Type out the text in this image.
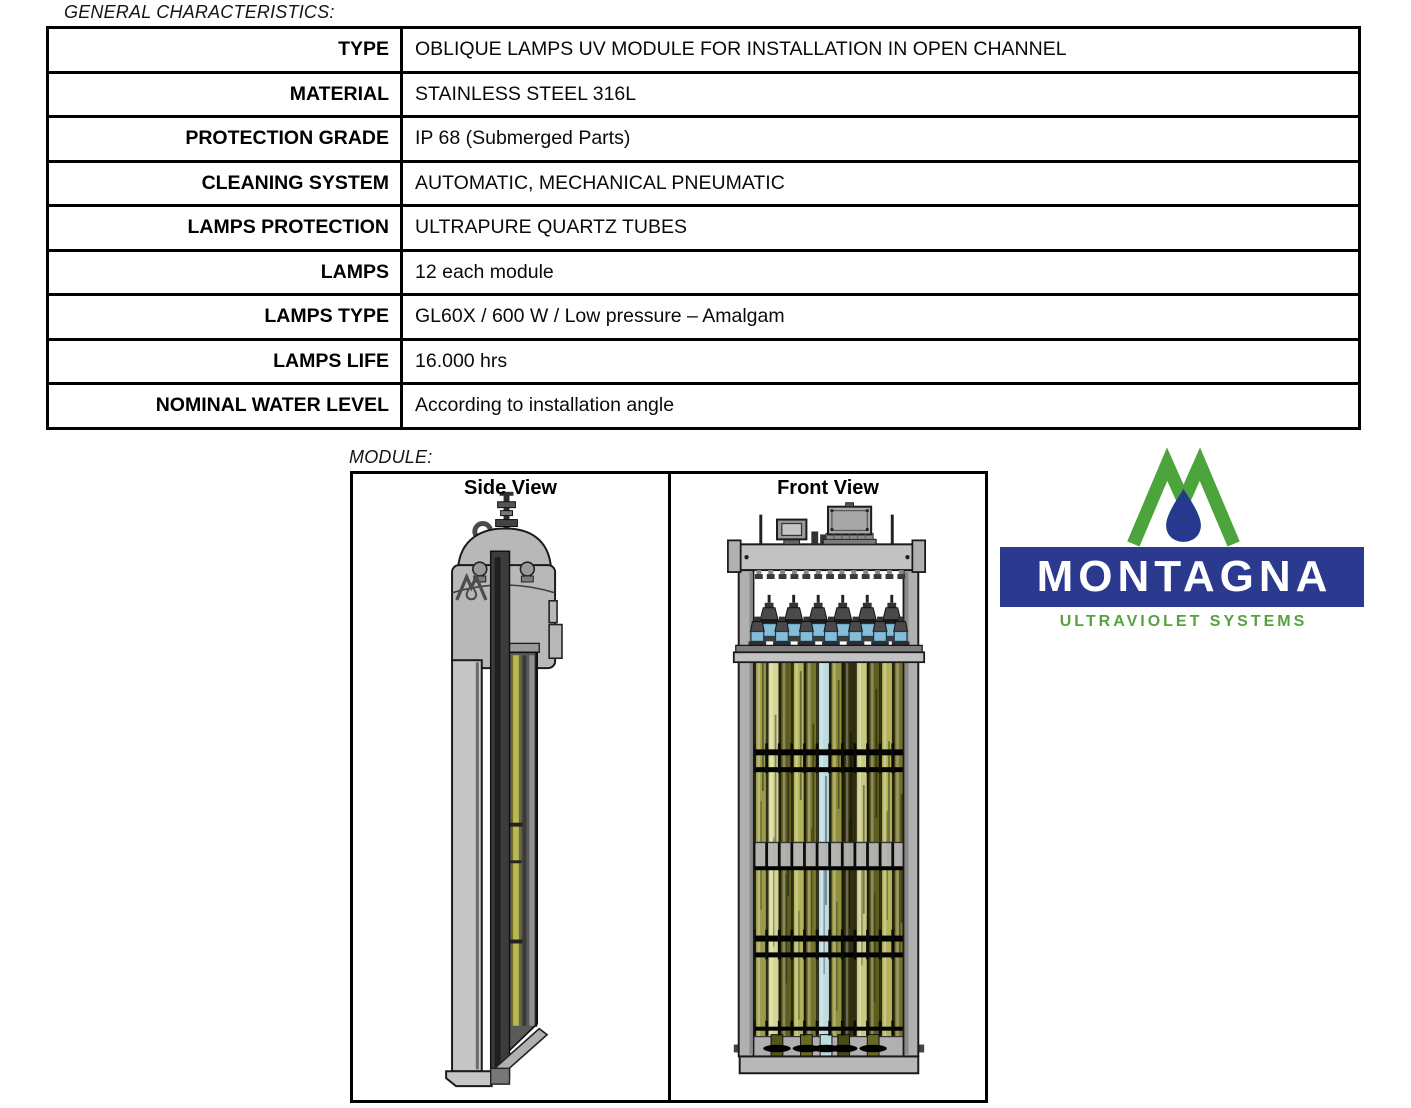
GENERAL CHARACTERISTICS:
TYPE	OBLIQUE LAMPS UV MODULE FOR INSTALLATION IN OPEN CHANNEL
MATERIAL	STAINLESS STEEL 316L
PROTECTION GRADE	IP 68 (Submerged Parts)
CLEANING SYSTEM	AUTOMATIC, MECHANICAL PNEUMATIC
LAMPS PROTECTION	ULTRAPURE QUARTZ TUBES
LAMPS	12 each module
LAMPS TYPE	GL60X / 600 W / Low pressure – Amalgam
LAMPS LIFE	16.000 hrs
NOMINAL WATER LEVEL	According to installation angle
MODULE:
Side View	Front View
MONTAGNA
ULTRAVIOLET SYSTEMS
